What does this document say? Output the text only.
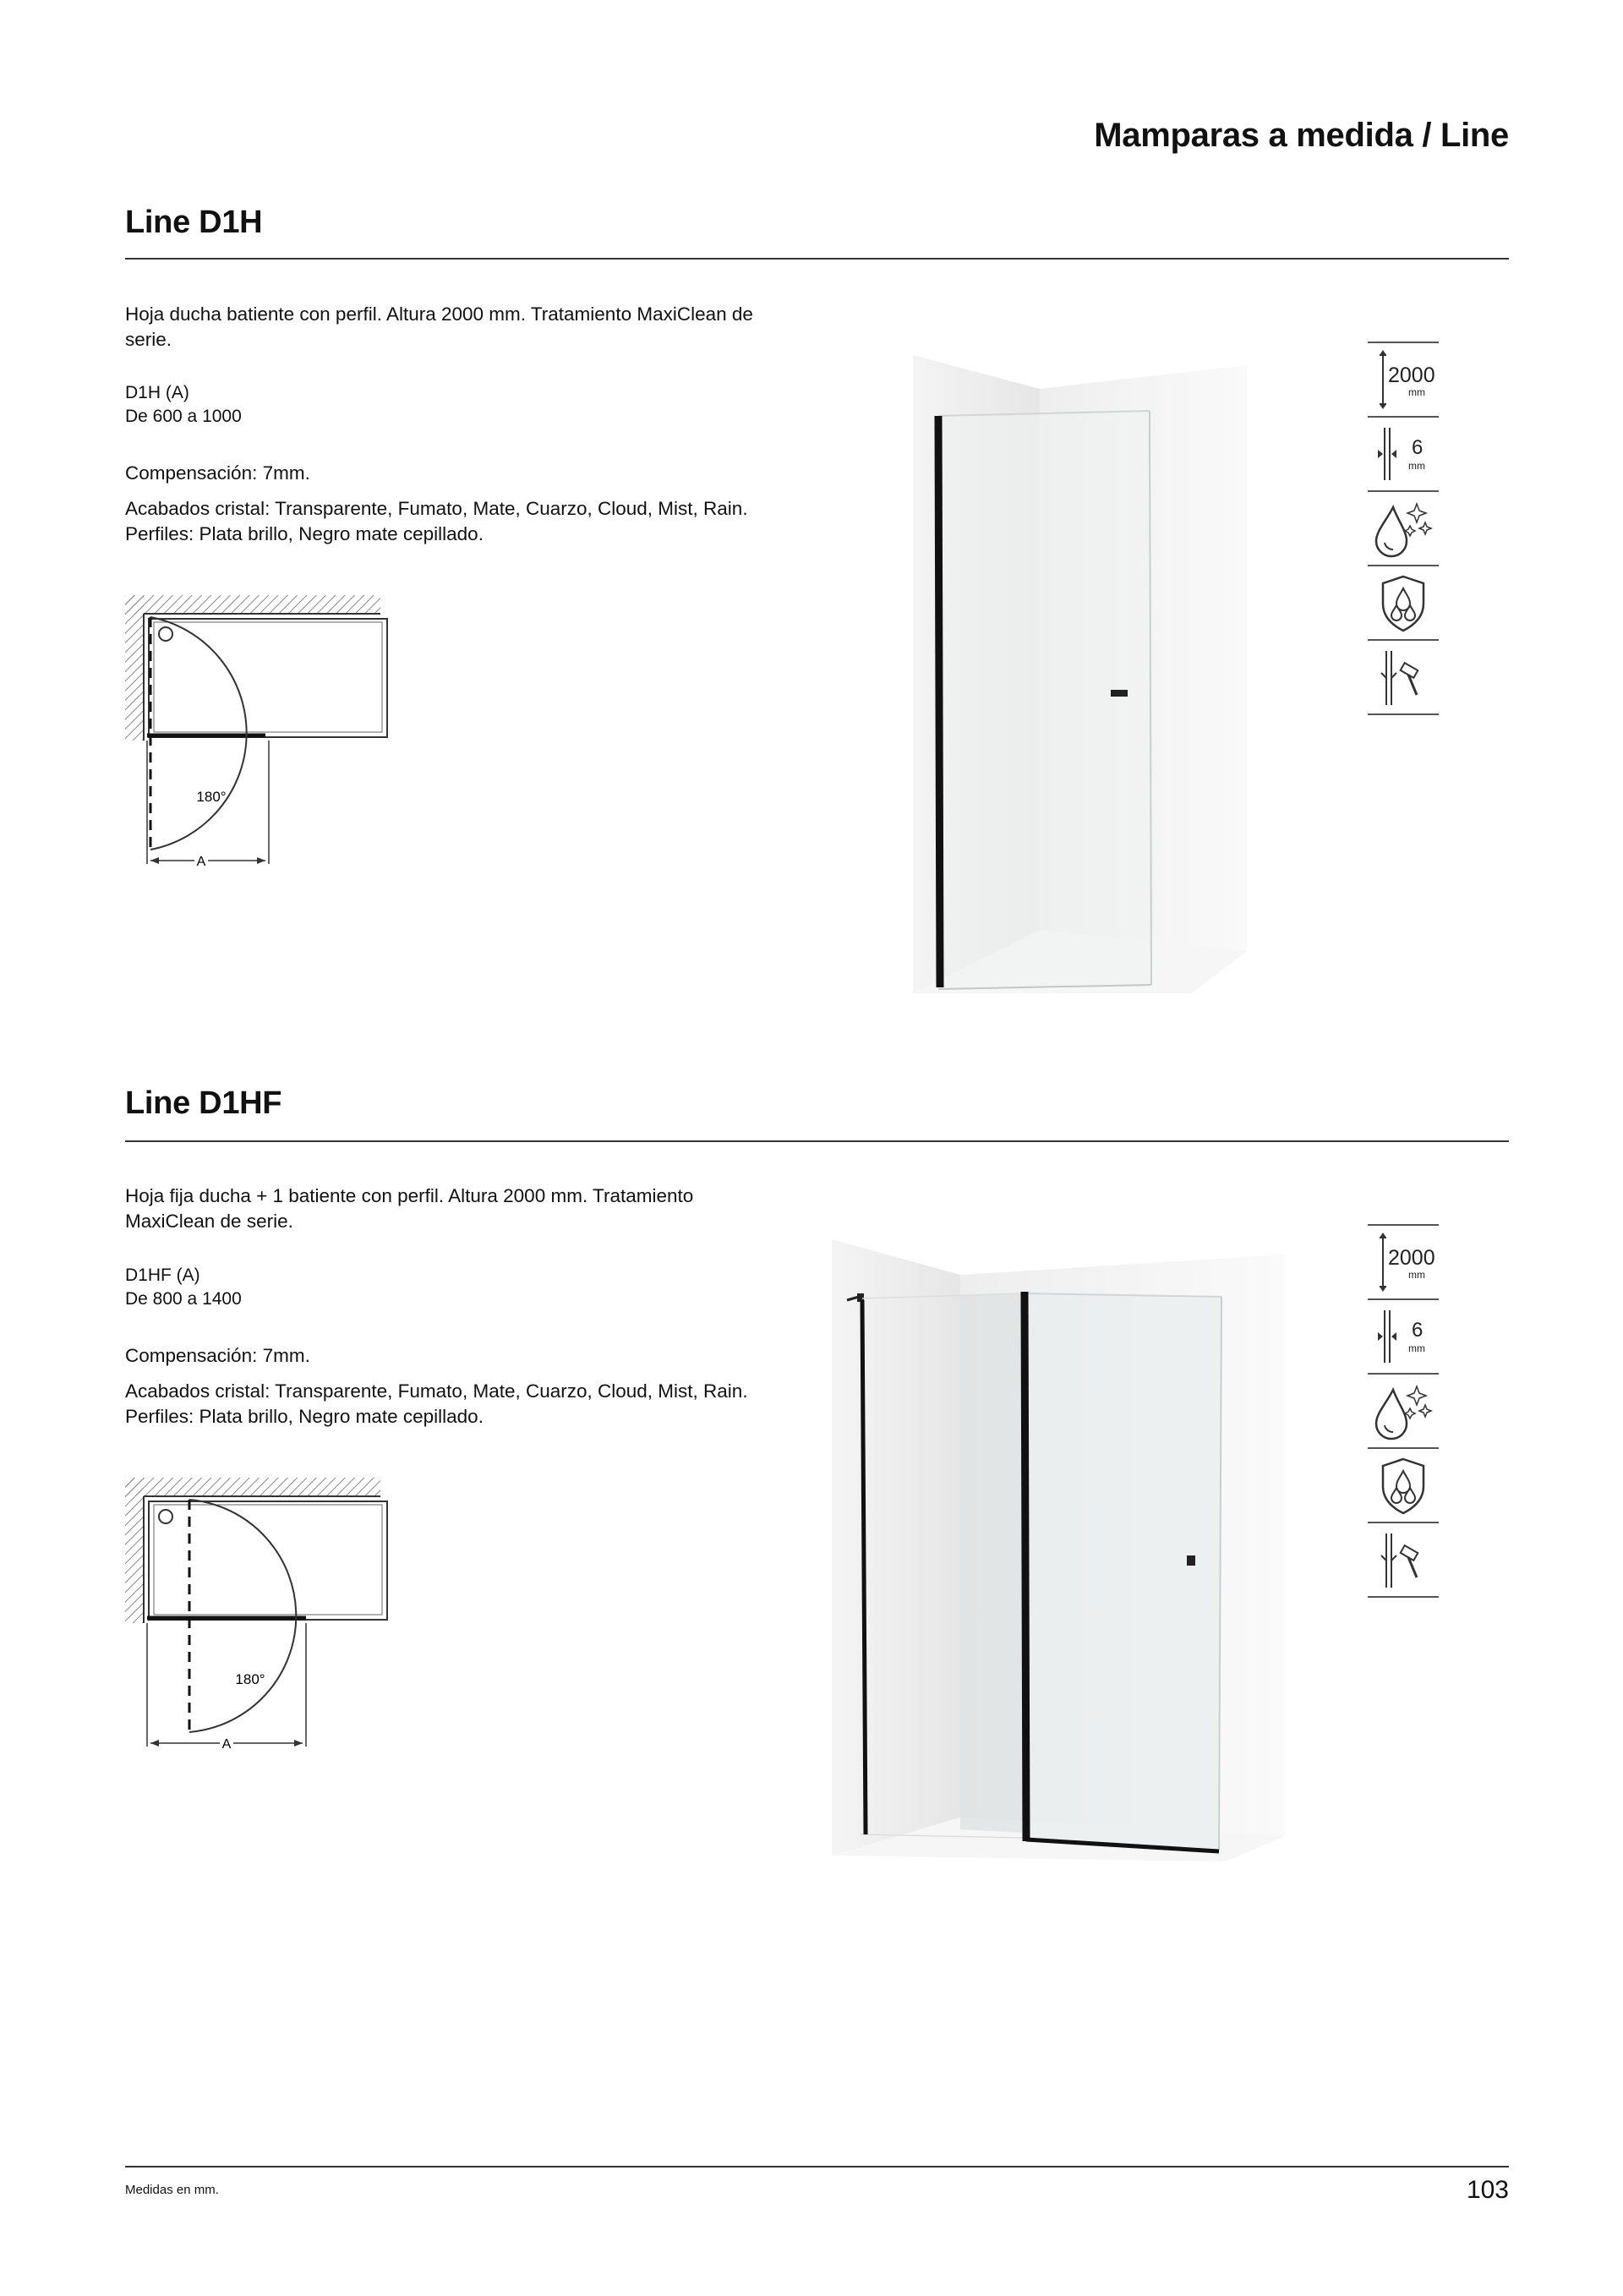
Mamparas a medida / Line
Line D1H
Hoja ducha batiente con perfil. Altura 2000 mm. Tratamiento MaxiClean de serie.
D1H (A)
De 600 a 1000
Compensación: 7mm.
Acabados cristal: Transparente, Fumato, Mate, Cuarzo, Cloud, Mist, Rain.
Perfiles: Plata brillo, Negro mate cepillado.
A
180°
2000
mm
6
mm
Line D1HF
Hoja fija ducha + 1 batiente con perfil. Altura 2000 mm. Tratamiento MaxiClean de serie.
D1HF (A)
De 800 a 1400
Compensación: 7mm.
Acabados cristal: Transparente, Fumato, Mate, Cuarzo, Cloud, Mist, Rain.
Perfiles: Plata brillo, Negro mate cepillado.
A
180°
2000
mm
6
mm
Medidas en mm.	103
